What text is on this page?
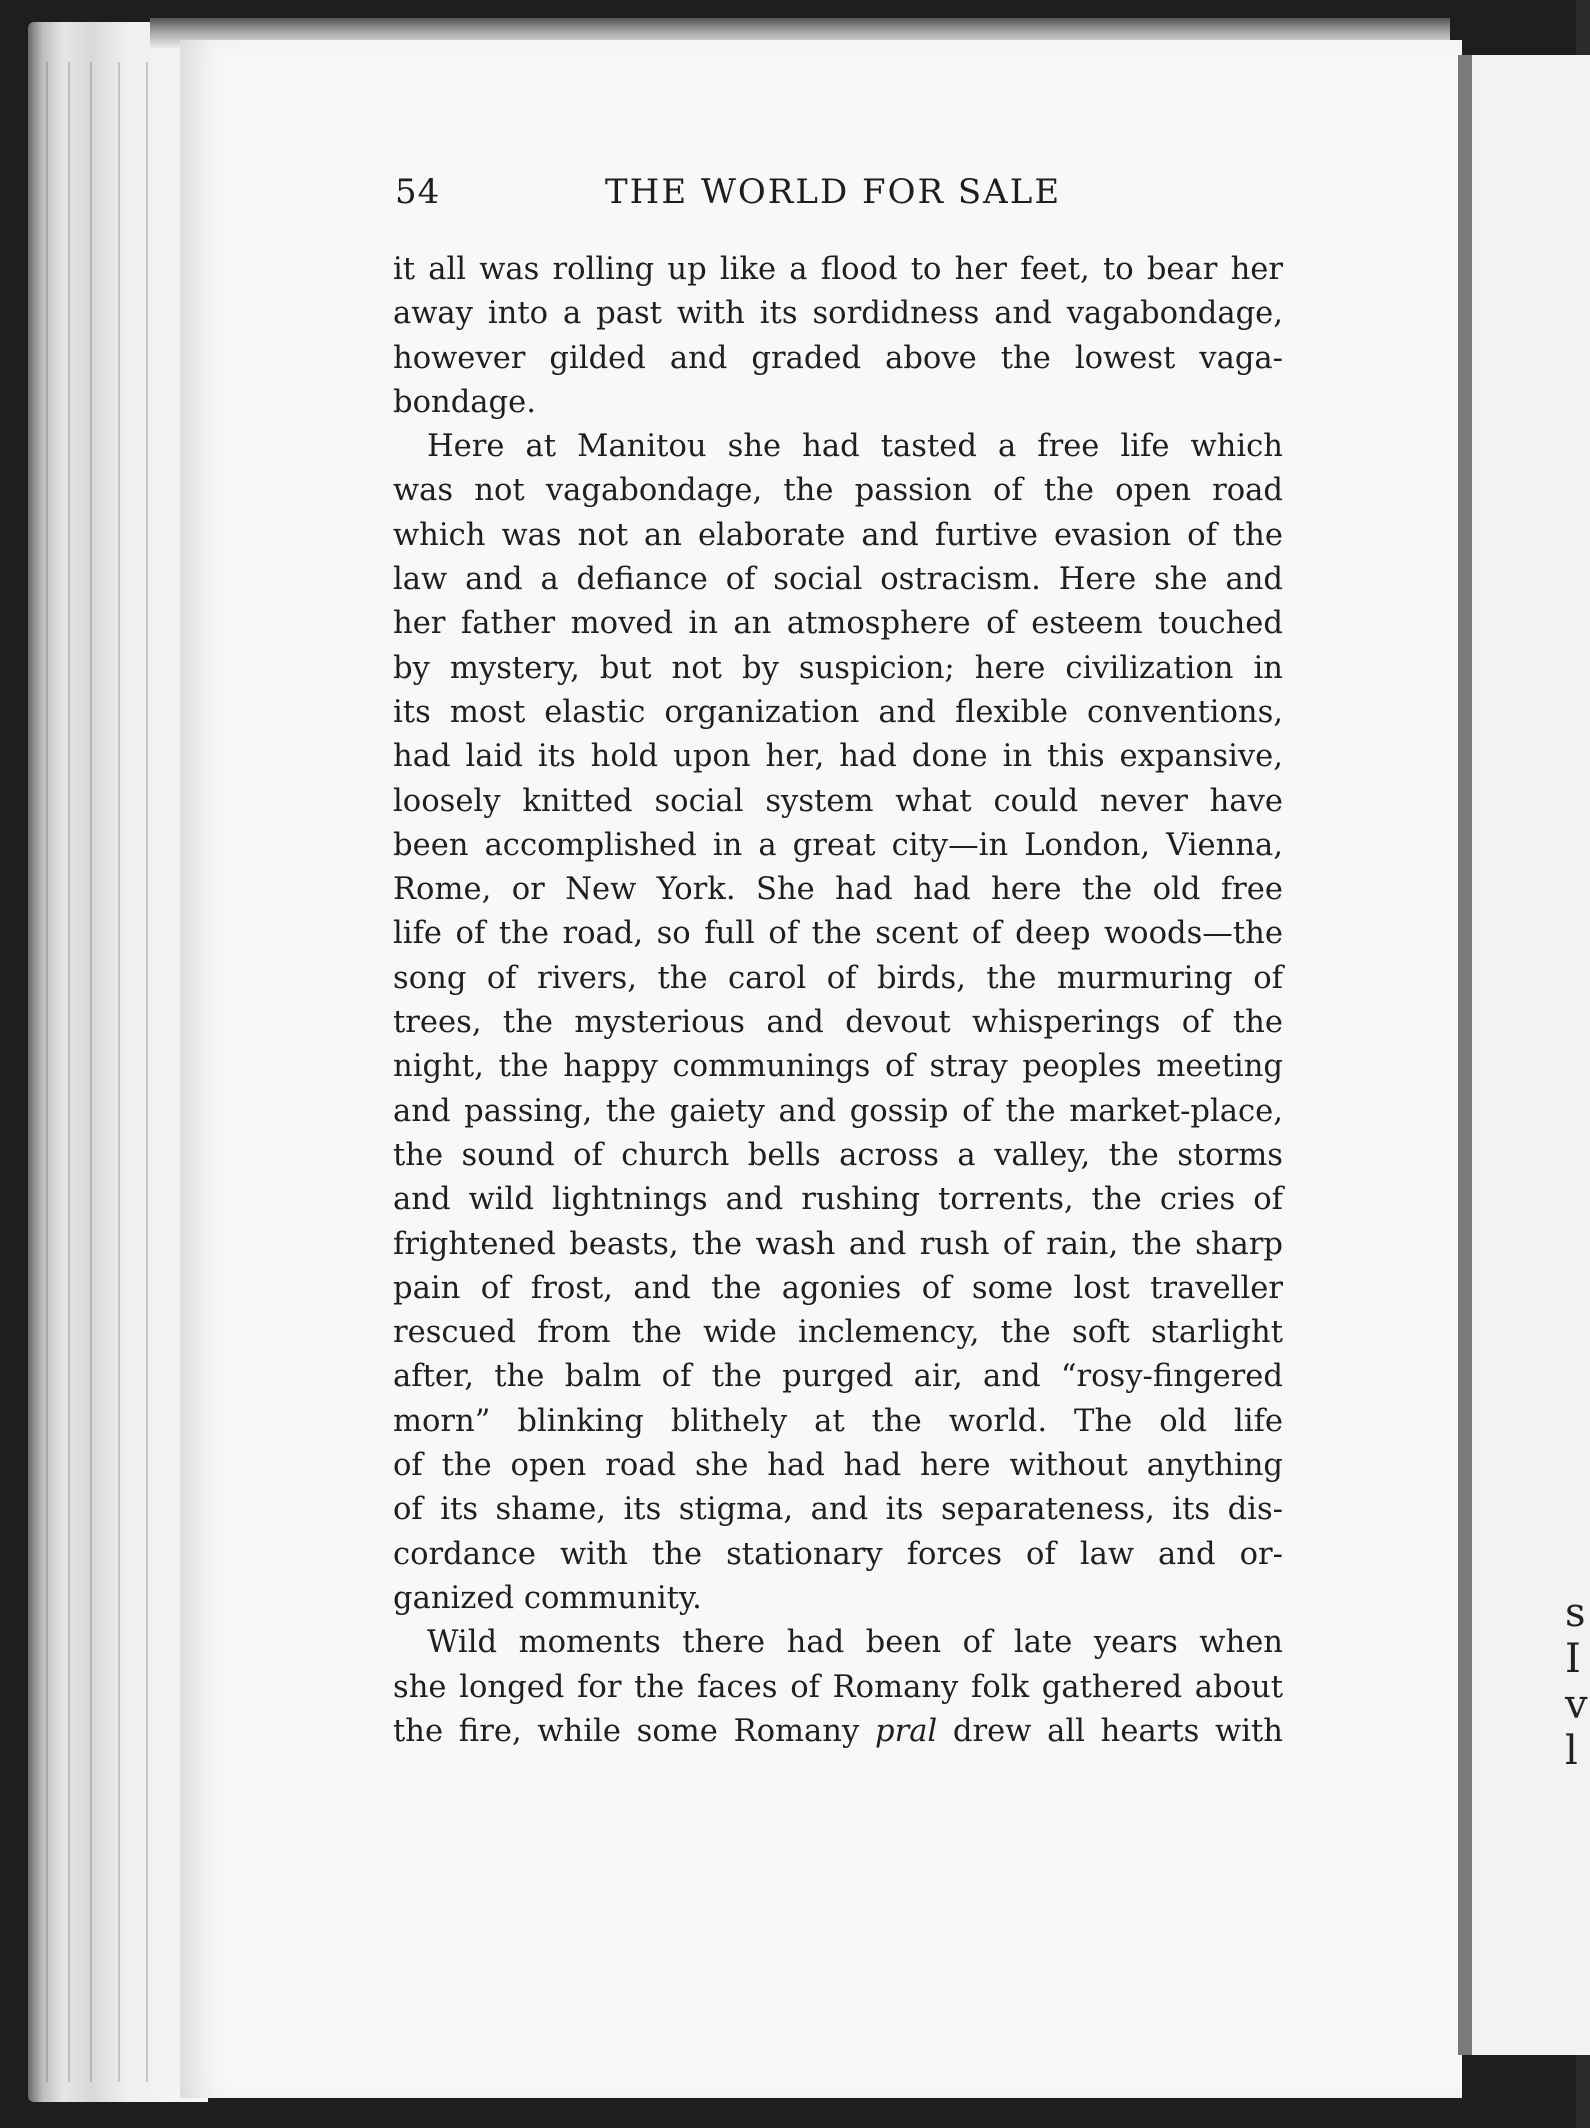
s
I
v
l
54	THE WORLD FOR SALE

it all was rolling up like a flood to her feet, to bear her
away into a past with its sordidness and vagabondage,
however gilded and graded above the lowest vaga-
bondage.

Here at Manitou she had tasted a free life which
was not vagabondage, the passion of the open road
which was not an elaborate and furtive evasion of the
law and a defiance of social ostracism. Here she and
her father moved in an atmosphere of esteem touched
by mystery, but not by suspicion; here civilization in
its most elastic organization and flexible conventions,
had laid its hold upon her, had done in this expansive,
loosely knitted social system what could never have
been accomplished in a great city—in London, Vienna,
Rome, or New York. She had had here the old free
life of the road, so full of the scent of deep woods—the
song of rivers, the carol of birds, the murmuring of
trees, the mysterious and devout whisperings of the
night, the happy communings of stray peoples meeting
and passing, the gaiety and gossip of the market-place,
the sound of church bells across a valley, the storms
and wild lightnings and rushing torrents, the cries of
frightened beasts, the wash and rush of rain, the sharp
pain of frost, and the agonies of some lost traveller
rescued from the wide inclemency, the soft starlight
after, the balm of the purged air, and “rosy-fingered
morn” blinking blithely at the world. The old life
of the open road she had had here without anything
of its shame, its stigma, and its separateness, its dis-
cordance with the stationary forces of law and or-
ganized community.

Wild moments there had been of late years when
she longed for the faces of Romany folk gathered about
the fire, while some Romany pral drew all hearts with
